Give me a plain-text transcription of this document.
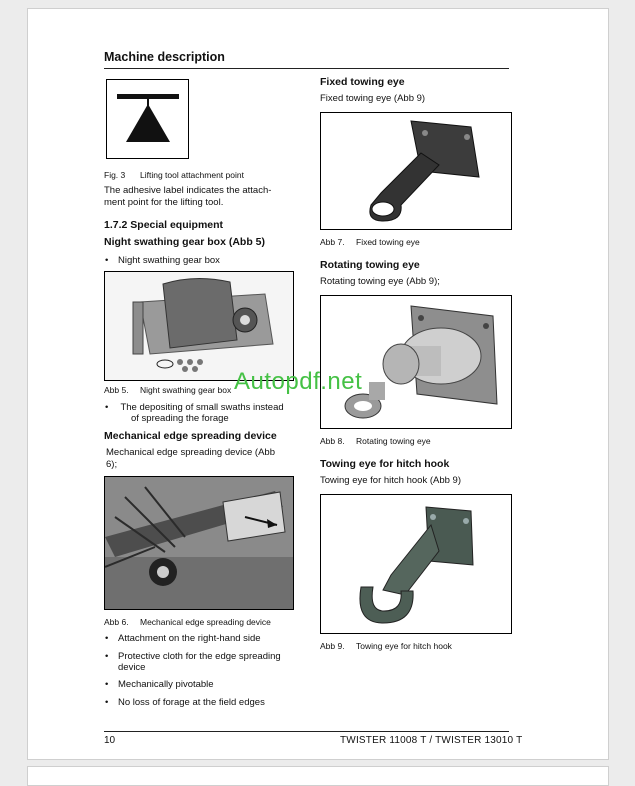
Machine description
Fig. 3 Lifting tool attachment point
The adhesive label indicates the attach‑
ment point for the lifting tool.
1.7.2 Special equipment
Night swathing gear box (Abb 5)
• Night swathing gear box
Abb 5. Night swathing gear box
• The depositing of small swaths instead
of spreading the forage
Mechanical edge spreading device
Mechanical edge spreading device (Abb
6);
Abb 6. Mechanical edge spreading device
• Attachment on the right-hand side
• Protective cloth for the edge spreading
device
• Mechanically pivotable
• No loss of forage at the field edges
Fixed towing eye
Fixed towing eye (Abb 9)
Abb 7. Fixed towing eye
Rotating towing eye
Rotating towing eye (Abb 9);
Abb 8. Rotating towing eye
Towing eye for hitch hook
Towing eye for hitch hook (Abb 9)
Abb 9. Towing eye for hitch hook
Autopdf.net
10	TWISTER 11008 T / TWISTER 13010 T
